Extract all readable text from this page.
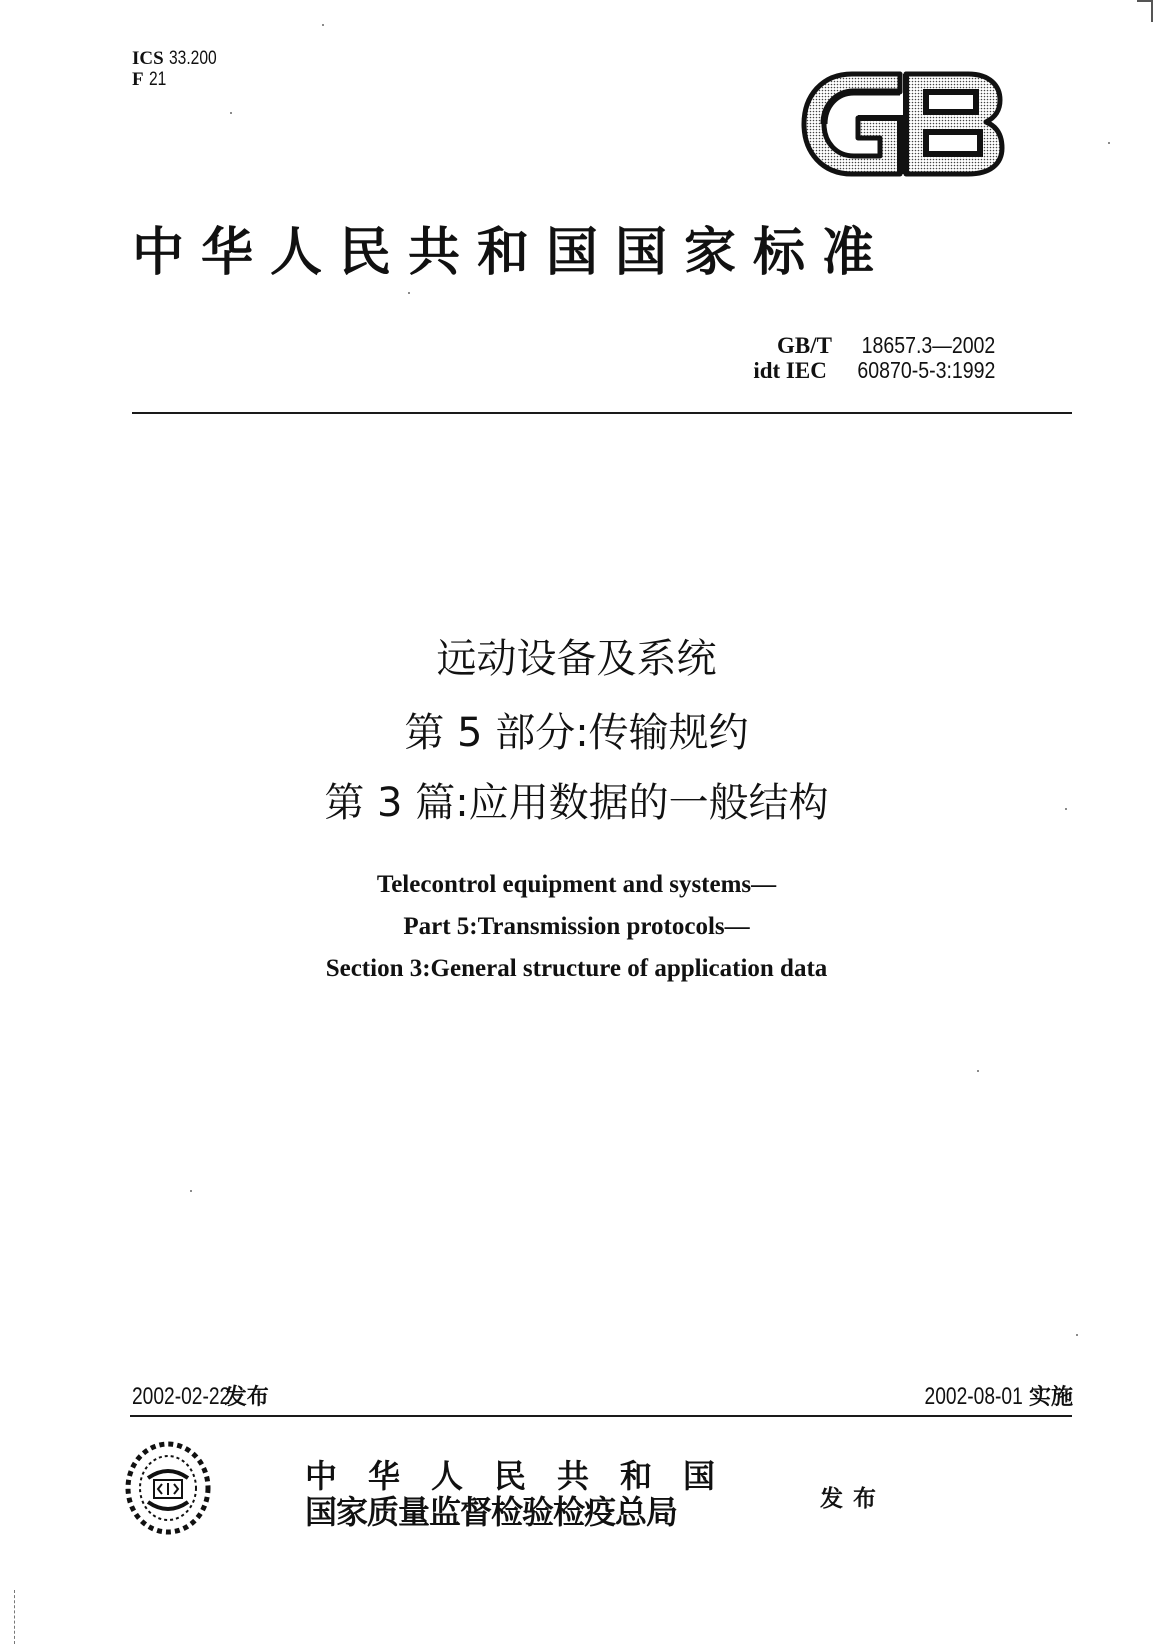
ICS 33.200
F 21
中华人民共和国国家标准
GB/T 18657.3—2002
idt IEC 60870-5-3:1992
远动设备及系统
第 5 部分:传输规约
第 3 篇:应用数据的一般结构
Telecontrol equipment and systems—
Part 5:Transmission protocols—
Section 3:General structure of application data
2002-02-22发布	2002-08-01 实施
中华人民共和国
国家质量监督检验检疫总局	发布
